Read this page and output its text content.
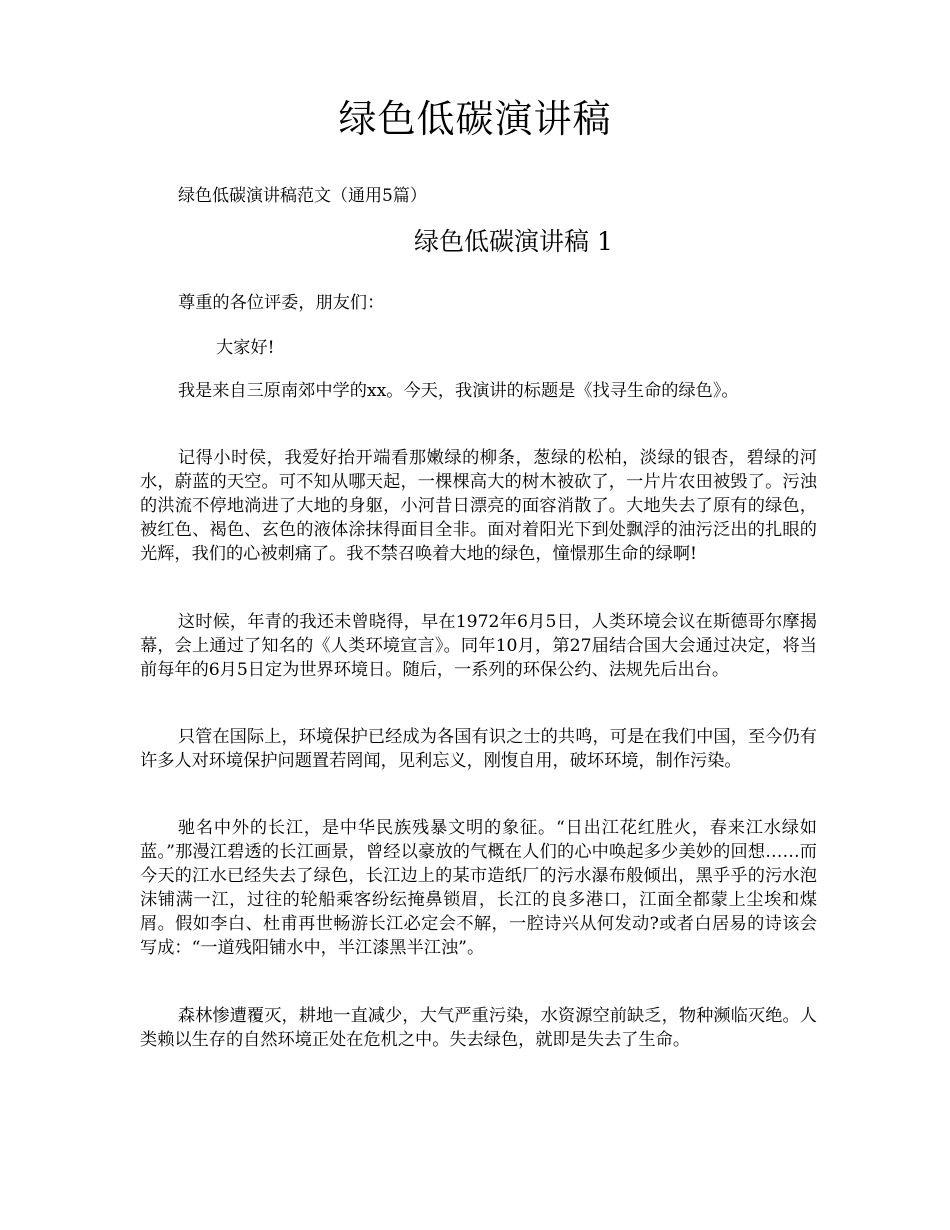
绿色低碳演讲稿

绿色低碳演讲稿范文（通用5篇）

绿色低碳演讲稿 1

尊重的各位评委，朋友们：

大家好!

我是来自三原南郊中学的xx。今天，我演讲的标题是《找寻生命的绿色》。

记得小时侯，我爱好抬开端看那嫩绿的柳条，葱绿的松柏，淡绿的银杏，碧绿的河水，蔚蓝的天空。可不知从哪天起，一棵棵高大的树木被砍了，一片片农田被毁了。污浊的洪流不停地淌进了大地的身躯，小河昔日漂亮的面容消散了。大地失去了原有的绿色，被红色、褐色、玄色的液体涂抹得面目全非。面对着阳光下到处飘浮的油污泛出的扎眼的光辉，我们的心被刺痛了。我不禁召唤着大地的绿色，憧憬那生命的绿啊!

这时候，年青的我还未曾晓得，早在1972年6月5日，人类环境会议在斯德哥尔摩揭幕，会上通过了知名的《人类环境宣言》。同年10月，第27届结合国大会通过决定，将当前每年的6月5日定为世界环境日。随后，一系列的环保公约、法规先后出台。

只管在国际上，环境保护已经成为各国有识之士的共鸣，可是在我们中国，至今仍有许多人对环境保护问题置若罔闻，见利忘义，刚愎自用，破坏环境，制作污染。

驰名中外的长江，是中华民族残暴文明的象征。“日出江花红胜火，春来江水绿如蓝。”那漫江碧透的长江画景，曾经以豪放的气概在人们的心中唤起多少美妙的回想……而今天的江水已经失去了绿色，长江边上的某市造纸厂的污水瀑布般倾出，黑乎乎的污水泡沫铺满一江，过往的轮船乘客纷纭掩鼻锁眉，长江的良多港口，江面全都蒙上尘埃和煤屑。假如李白、杜甫再世畅游长江必定会不解，一腔诗兴从何发动?或者白居易的诗该会写成：“一道残阳铺水中，半江漆黑半江浊”。

森林惨遭覆灭，耕地一直减少，大气严重污染，水资源空前缺乏，物种濒临灭绝。人类赖以生存的自然环境正处在危机之中。失去绿色，就即是失去了生命。
